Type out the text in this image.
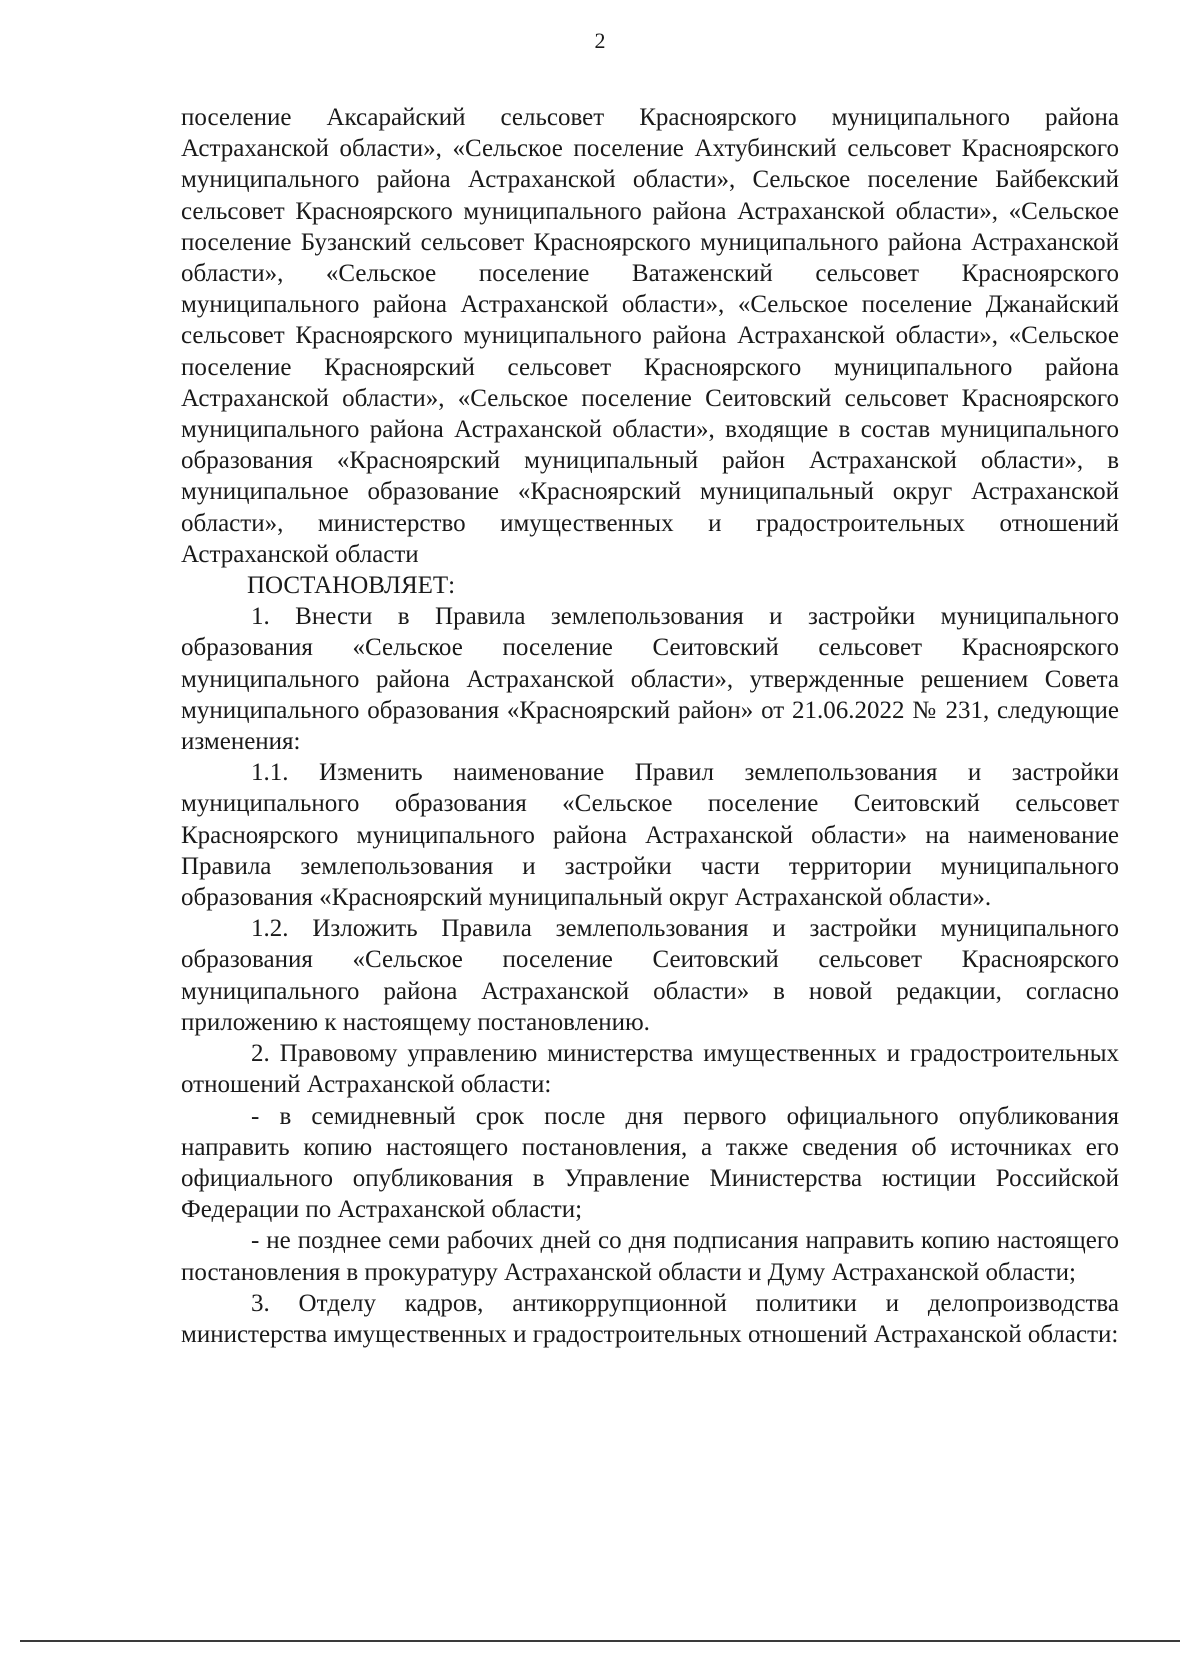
2

поселение Аксарайский сельсовет Красноярского муниципального района Астраханской области», «Сельское поселение Ахтубинский сельсовет Красноярского муниципального района Астраханской области», Сельское поселение Байбекский сельсовет Красноярского муниципального района Астраханской области», «Сельское поселение Бузанский сельсовет Красноярского муниципального района Астраханской области», «Сельское поселение Ватаженский сельсовет Красноярского муниципального района Астраханской области», «Сельское поселение Джанайский сельсовет Красноярского муниципального района Астраханской области», «Сельское поселение Красноярский сельсовет Красноярского муниципального района Астраханской области», «Сельское поселение Сеитовский сельсовет Красноярского муниципального района Астраханской области», входящие в состав муниципального образования «Красноярский муниципальный район Астраханской области», в муниципальное образование «Красноярский муниципальный округ Астраханской области», министерство имущественных и градостроительных отношений Астраханской области

ПОСТАНОВЛЯЕТ:

1. Внести в Правила землепользования и застройки муниципального образования «Сельское поселение Сеитовский сельсовет Красноярского муниципального района Астраханской области», утвержденные решением Совета муниципального образования «Красноярский район» от 21.06.2022 № 231, следующие изменения:

1.1. Изменить наименование Правил землепользования и застройки муниципального образования «Сельское поселение Сеитовский сельсовет Красноярского муниципального района Астраханской области» на наименование Правила землепользования и застройки части территории муниципального образования «Красноярский муниципальный округ Астраханской области».

1.2. Изложить Правила землепользования и застройки муниципального образования «Сельское поселение Сеитовский сельсовет Красноярского муниципального района Астраханской области» в новой редакции, согласно приложению к настоящему постановлению.

2. Правовому управлению министерства имущественных и градостроительных отношений Астраханской области:

- в семидневный срок после дня первого официального опубликования направить копию настоящего постановления, а также сведения об источниках его официального опубликования в Управление Министерства юстиции Российской Федерации по Астраханской области;

- не позднее семи рабочих дней со дня подписания направить копию настоящего постановления в прокуратуру Астраханской области и Думу Астраханской области;

3. Отделу кадров, антикоррупционной политики и делопроизводства министерства имущественных и градостроительных отношений Астраханской области:
